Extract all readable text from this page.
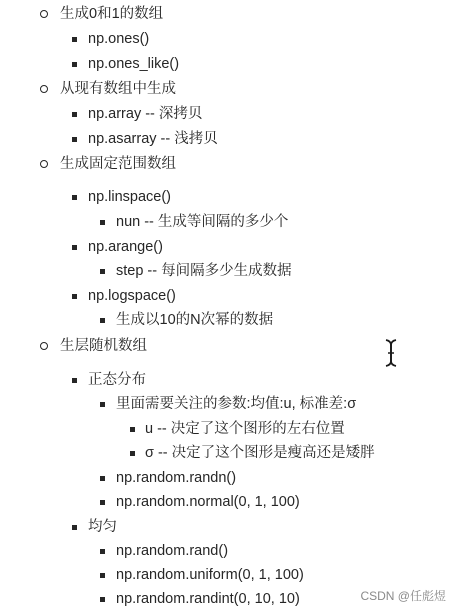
生成0和1的数组
np.ones()
np.ones_like()
从现有数组中生成
np.array -- 深拷贝
np.asarray -- 浅拷贝
生成固定范围数组
np.linspace()
nun -- 生成等间隔的多少个
np.arange()
step -- 每间隔多少生成数据
np.logspace()
生成以10的N次幂的数据
生层随机数组
正态分布
里面需要关注的参数:均值:u, 标准差:σ
u -- 决定了这个图形的左右位置
σ -- 决定了这个图形是瘦高还是矮胖
np.random.randn()
np.random.normal(0, 1, 100)
均匀
np.random.rand()
np.random.uniform(0, 1, 100)
np.random.randint(0, 10, 10)	CSDN @任彪煜
